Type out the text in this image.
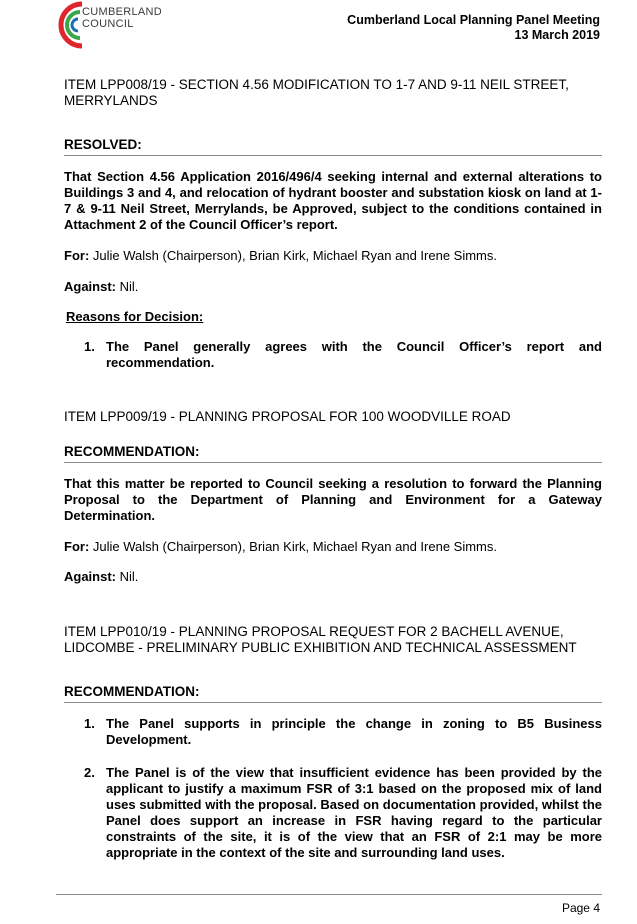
CUMBERLAND
COUNCIL	Cumberland Local Planning Panel Meeting
13 March 2019
ITEM LPP008/19 - SECTION 4.56 MODIFICATION TO 1-7 AND 9-11 NEIL STREET,
MERRYLANDS
RESOLVED:
That Section 4.56 Application 2016/496/4 seeking internal and external alterations to Buildings 3 and 4, and relocation of hydrant booster and substation kiosk on land at 1-7 & 9-11 Neil Street, Merrylands, be Approved, subject to the conditions contained in Attachment 2 of the Council Officer’s report.
For: Julie Walsh (Chairperson), Brian Kirk, Michael Ryan and Irene Simms.
Against: Nil.
Reasons for Decision:
1. The Panel generally agrees with the Council Officer’s report and recommendation.
ITEM LPP009/19 - PLANNING PROPOSAL FOR 100 WOODVILLE ROAD
RECOMMENDATION:
That this matter be reported to Council seeking a resolution to forward the Planning Proposal to the Department of Planning and Environment for a Gateway Determination.
For: Julie Walsh (Chairperson), Brian Kirk, Michael Ryan and Irene Simms.
Against: Nil.
ITEM LPP010/19 - PLANNING PROPOSAL REQUEST FOR 2 BACHELL AVENUE,
LIDCOMBE - PRELIMINARY PUBLIC EXHIBITION AND TECHNICAL ASSESSMENT
RECOMMENDATION:
1. The Panel supports in principle the change in zoning to B5 Business Development.
2. The Panel is of the view that insufficient evidence has been provided by the applicant to justify a maximum FSR of 3:1 based on the proposed mix of land uses submitted with the proposal. Based on documentation provided, whilst the Panel does support an increase in FSR having regard to the particular constraints of the site, it is of the view that an FSR of 2:1 may be more appropriate in the context of the site and surrounding land uses.
Page 4
